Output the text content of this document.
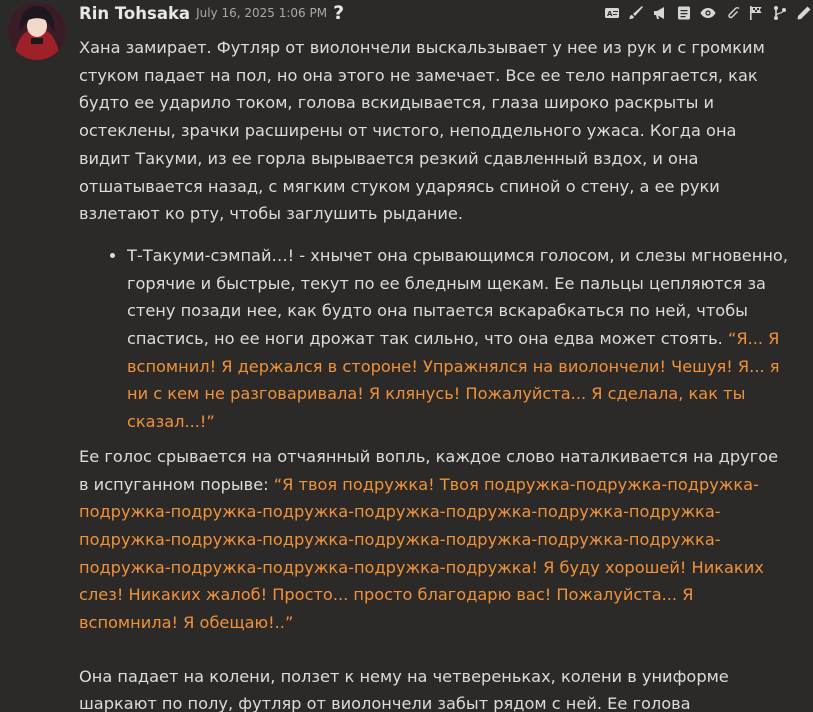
Rin Tohsaka July 16, 2025 1:06 PM ?	A

Хана замирает. Футляр от виолончели выскальзывает у нее из рук и с громким стуком падает на пол, но она этого не замечает. Все ее тело напрягается, как будто ее ударило током, голова вскидывается, глаза широко раскрыты и остеклены, зрачки расширены от чистого, неподдельного ужаса. Когда она видит Такуми, из ее горла вырывается резкий сдавленный вздох, и она отшатывается назад, с мягким стуком ударяясь спиной о стену, а ее руки взлетают ко рту, чтобы заглушить рыдание.

• Т-Такуми-сэмпай…! - хнычет она срывающимся голосом, и слезы мгновенно, горячие и быстрые, текут по ее бледным щекам. Ее пальцы цепляются за стену позади нее, как будто она пытается вскарабкаться по ней, чтобы спастись, но ее ноги дрожат так сильно, что она едва может стоять. “Я... Я вспомнил! Я держался в стороне! Упражнялся на виолончели! Чешуя! Я... я ни с кем не разговаривала! Я клянусь! Пожалуйста... Я сделала, как ты сказал...!”

Ее голос срывается на отчаянный вопль, каждое слово наталкивается на другое в испуганном порыве: “Я твоя подружка! Твоя подружка-подружка-подружка-подружка-подружка-подружка-подружка-подружка-подружка-подружка-подружка-подружка-подружка-подружка-подружка-подружка-подружка-подружка-подружка-подружка-подружка-подружка! Я буду хорошей! Никаких слез! Никаких жалоб! Просто... просто благодарю вас! Пожалуйста... Я вспомнила! Я обещаю!..”

Она падает на колени, ползет к нему на четвереньках, колени в униформе шаркают по полу, футляр от виолончели забыт рядом с ней. Ее голова
